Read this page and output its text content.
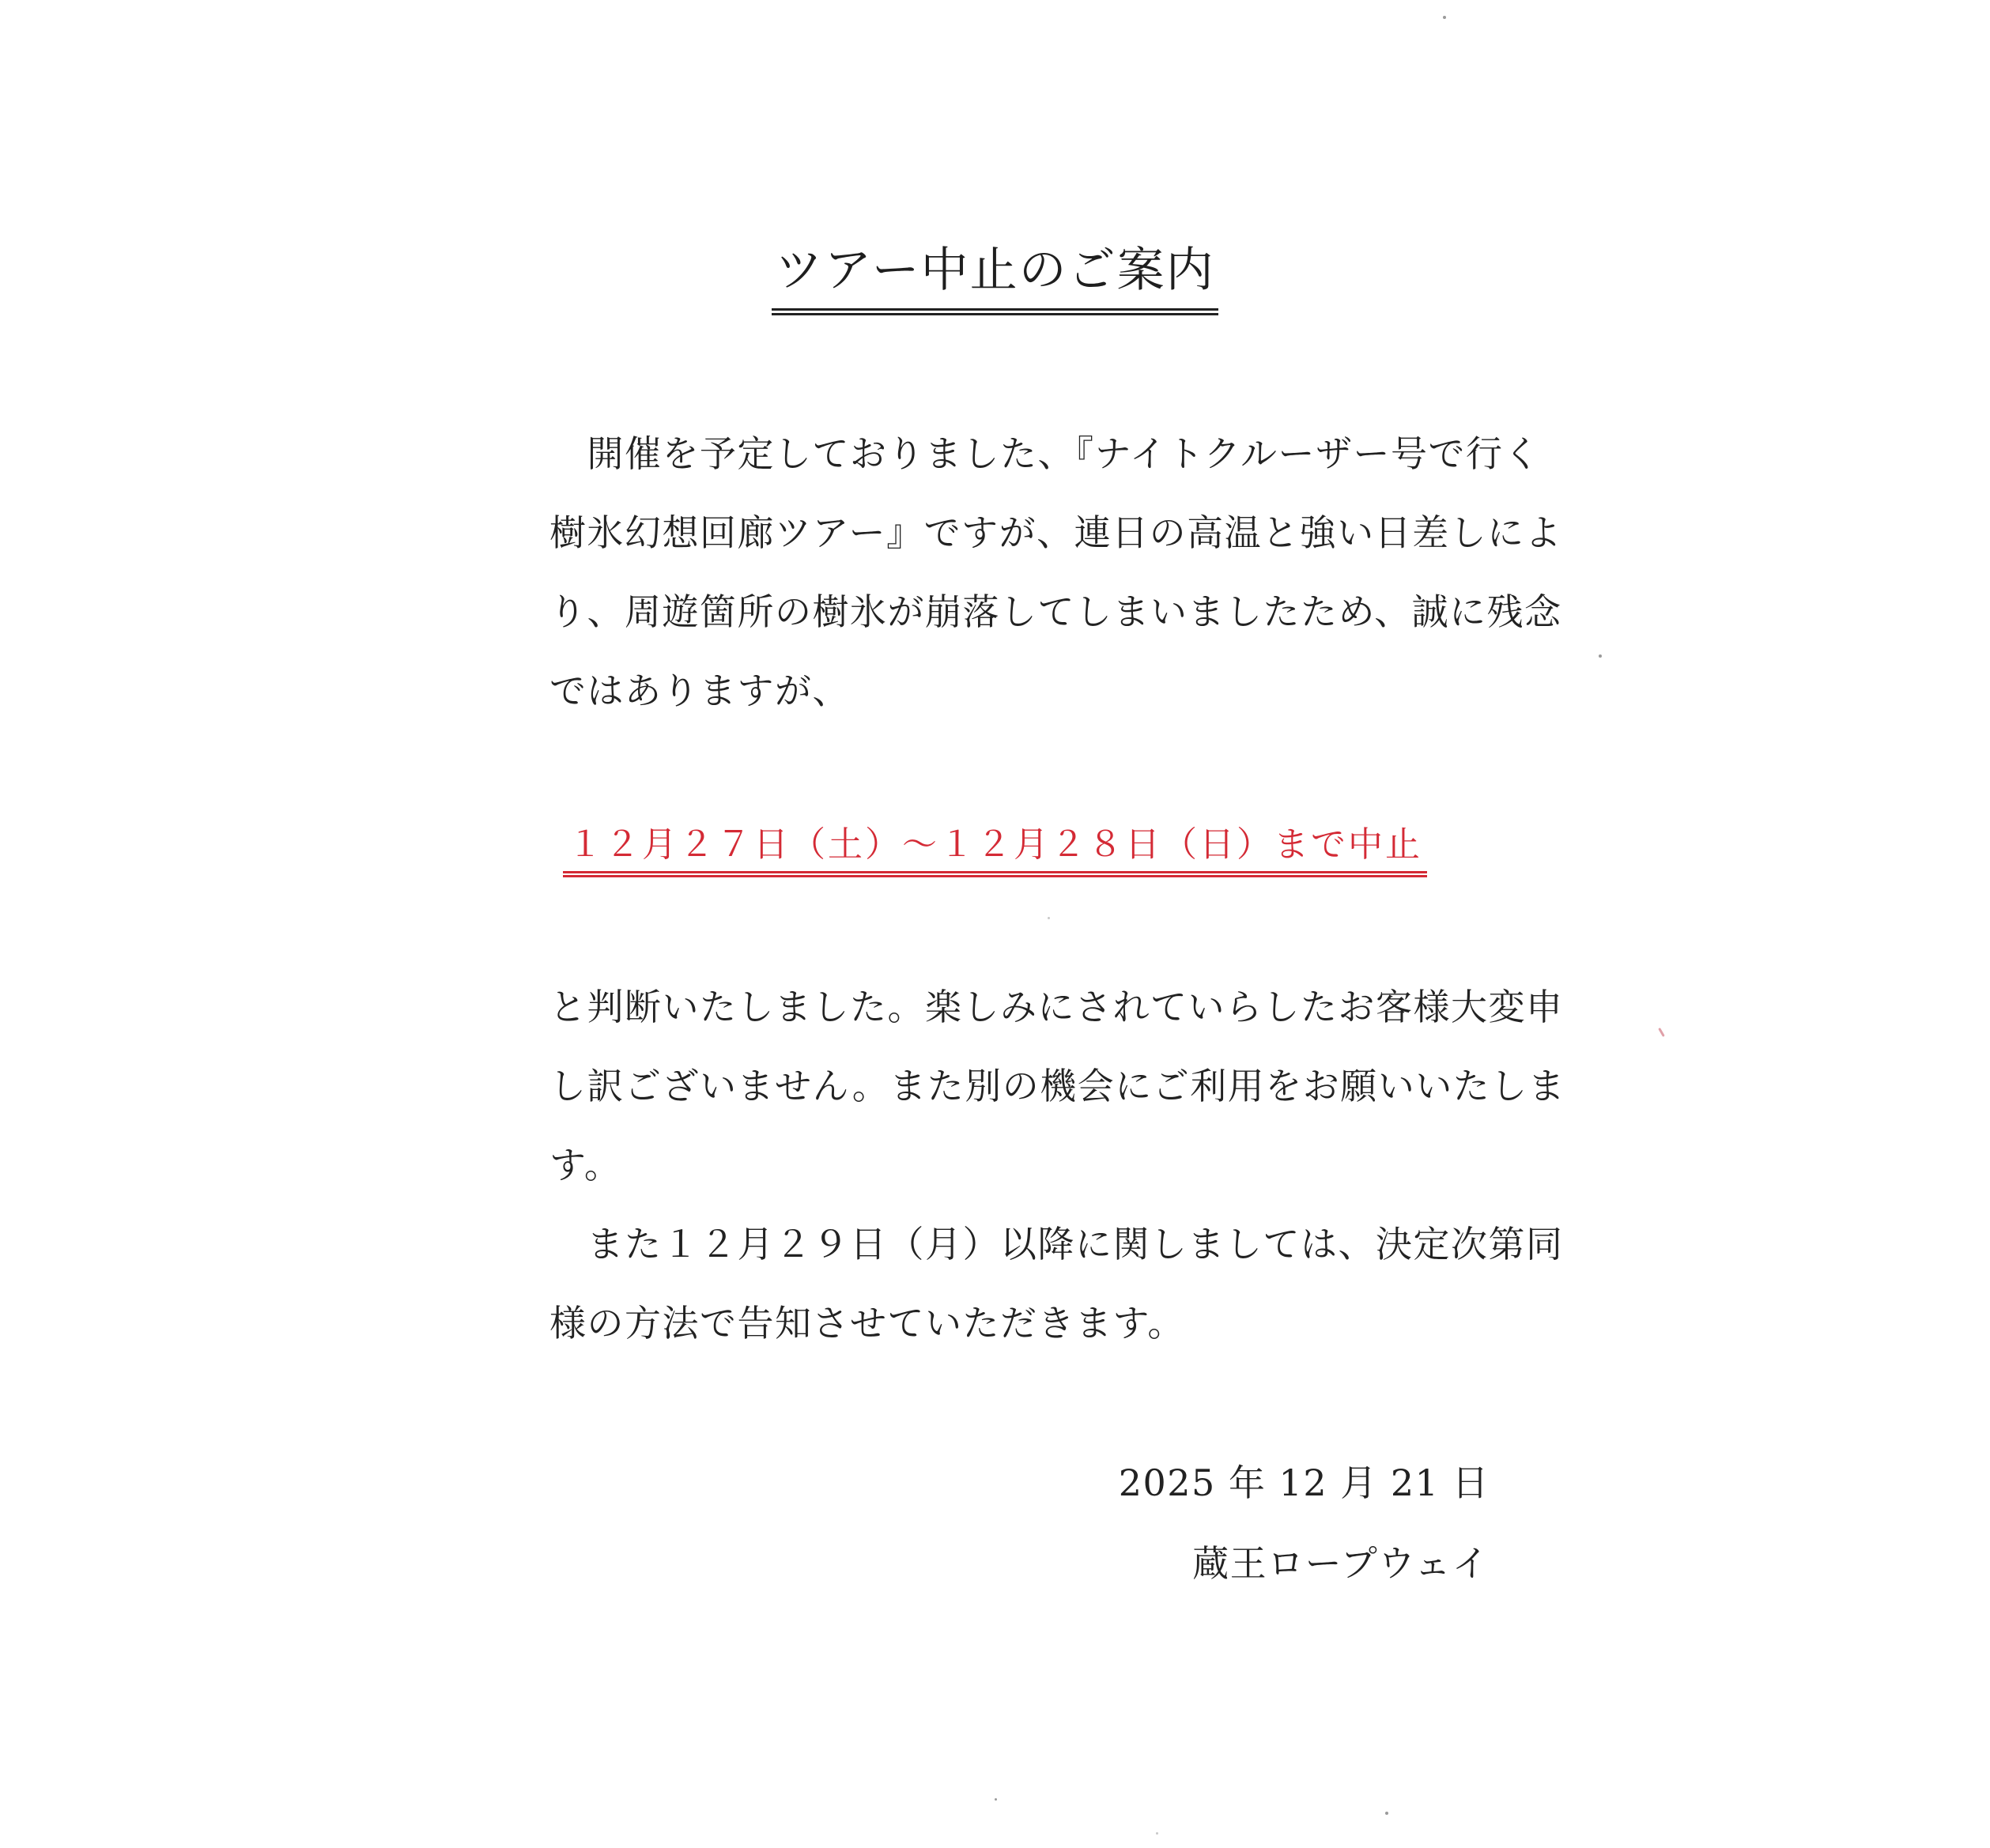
ツアー中止のご案内
　開催を予定しておりました、『ナイトクルーザー号で行く
樹氷幻想回廊ツアー』ですが、連日の高温と強い日差しによ
り、周遊箇所の樹氷が崩落してしまいましたため、誠に残念
ではありますが、
１２月２７日（土）～１２月２８日（日）まで中止
と判断いたしました。楽しみにされていらしたお客様大変申
し訳ございません。また別の機会にご利用をお願いいたしま
す。
　また１２月２９日（月）以降に関しましては、決定次第同
様の方法で告知させていただきます。
2025 年 12 月 21 日
蔵王ロープウェイ
